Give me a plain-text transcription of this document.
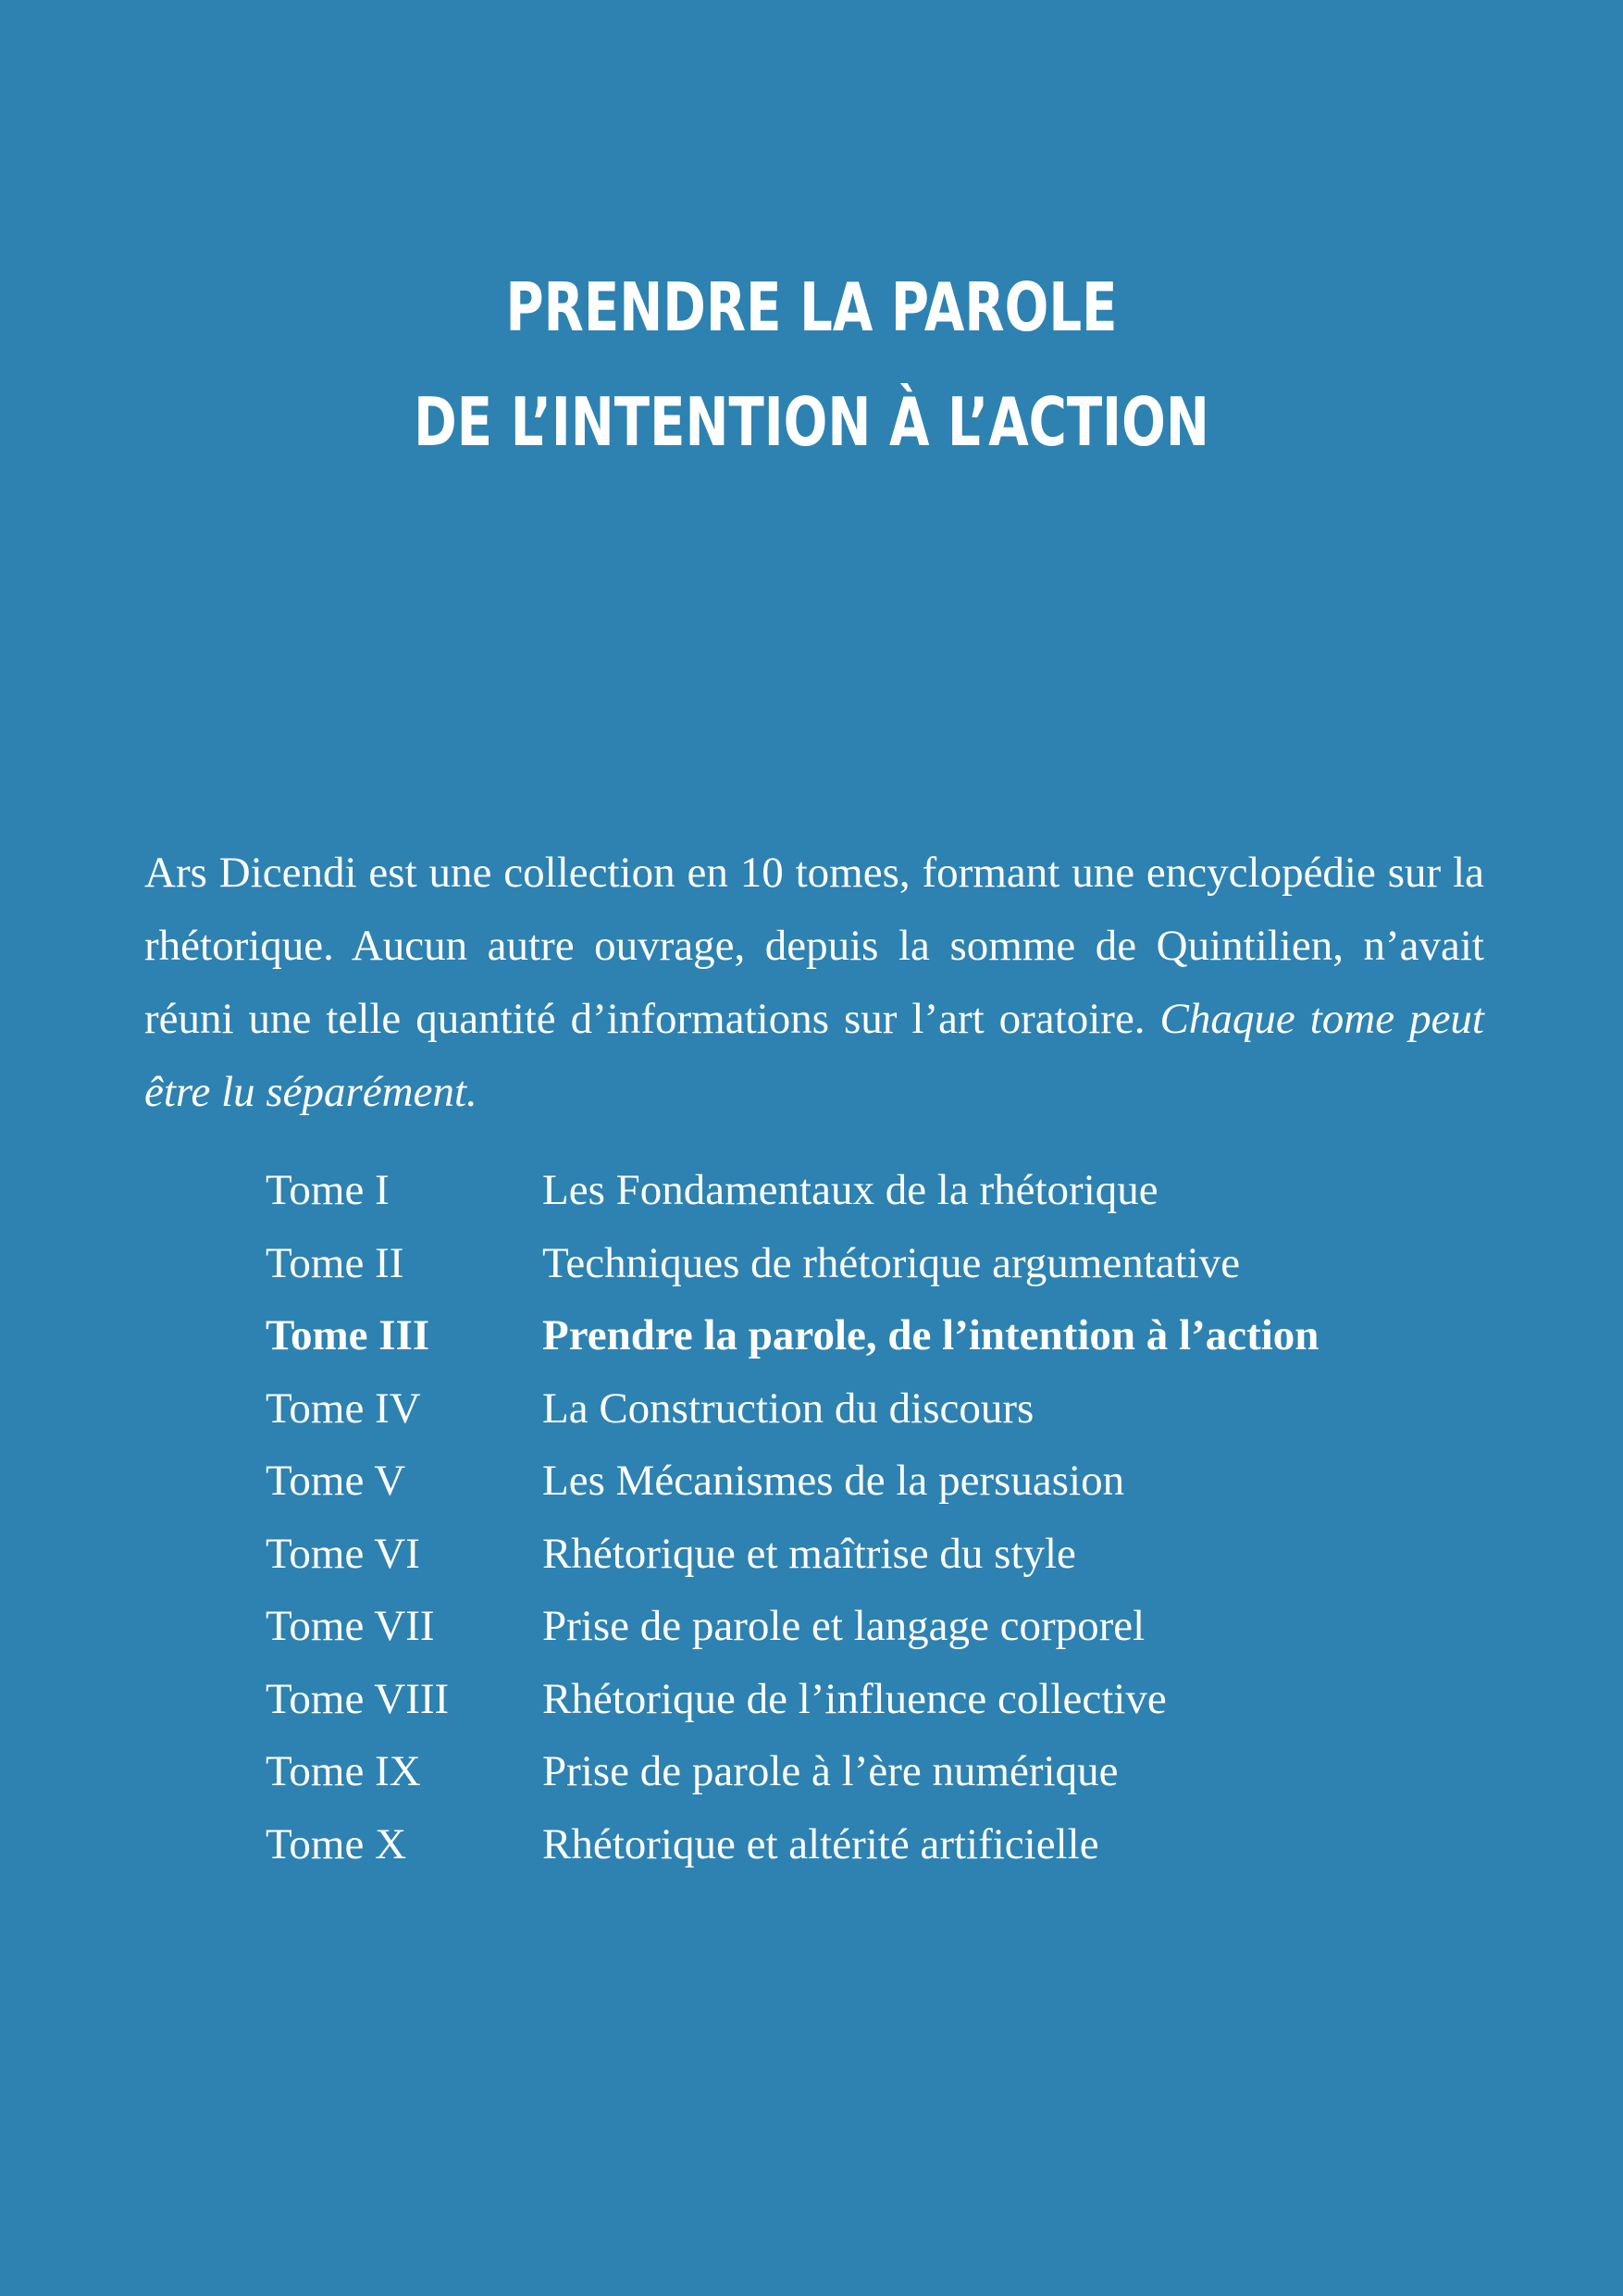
PRENDRE LA PAROLE
DE L’INTENTION À L’ACTION

Ars Dicendi est une collection en 10 tomes, formant une encyclopédie sur la rhétorique. Aucun autre ouvrage, depuis la somme de Quintilien, n’avait réuni une telle quantité d’informations sur l’art oratoire. Chaque tome peut être lu séparément.

Tome I	Les Fondamentaux de la rhétorique
Tome II	Techniques de rhétorique argumentative
Tome III	Prendre la parole, de l’intention à l’action
Tome IV	La Construction du discours
Tome V	Les Mécanismes de la persuasion
Tome VI	Rhétorique et maîtrise du style
Tome VII	Prise de parole et langage corporel
Tome VIII	Rhétorique de l’influence collective
Tome IX	Prise de parole à l’ère numérique
Tome X	Rhétorique et altérité artificielle
